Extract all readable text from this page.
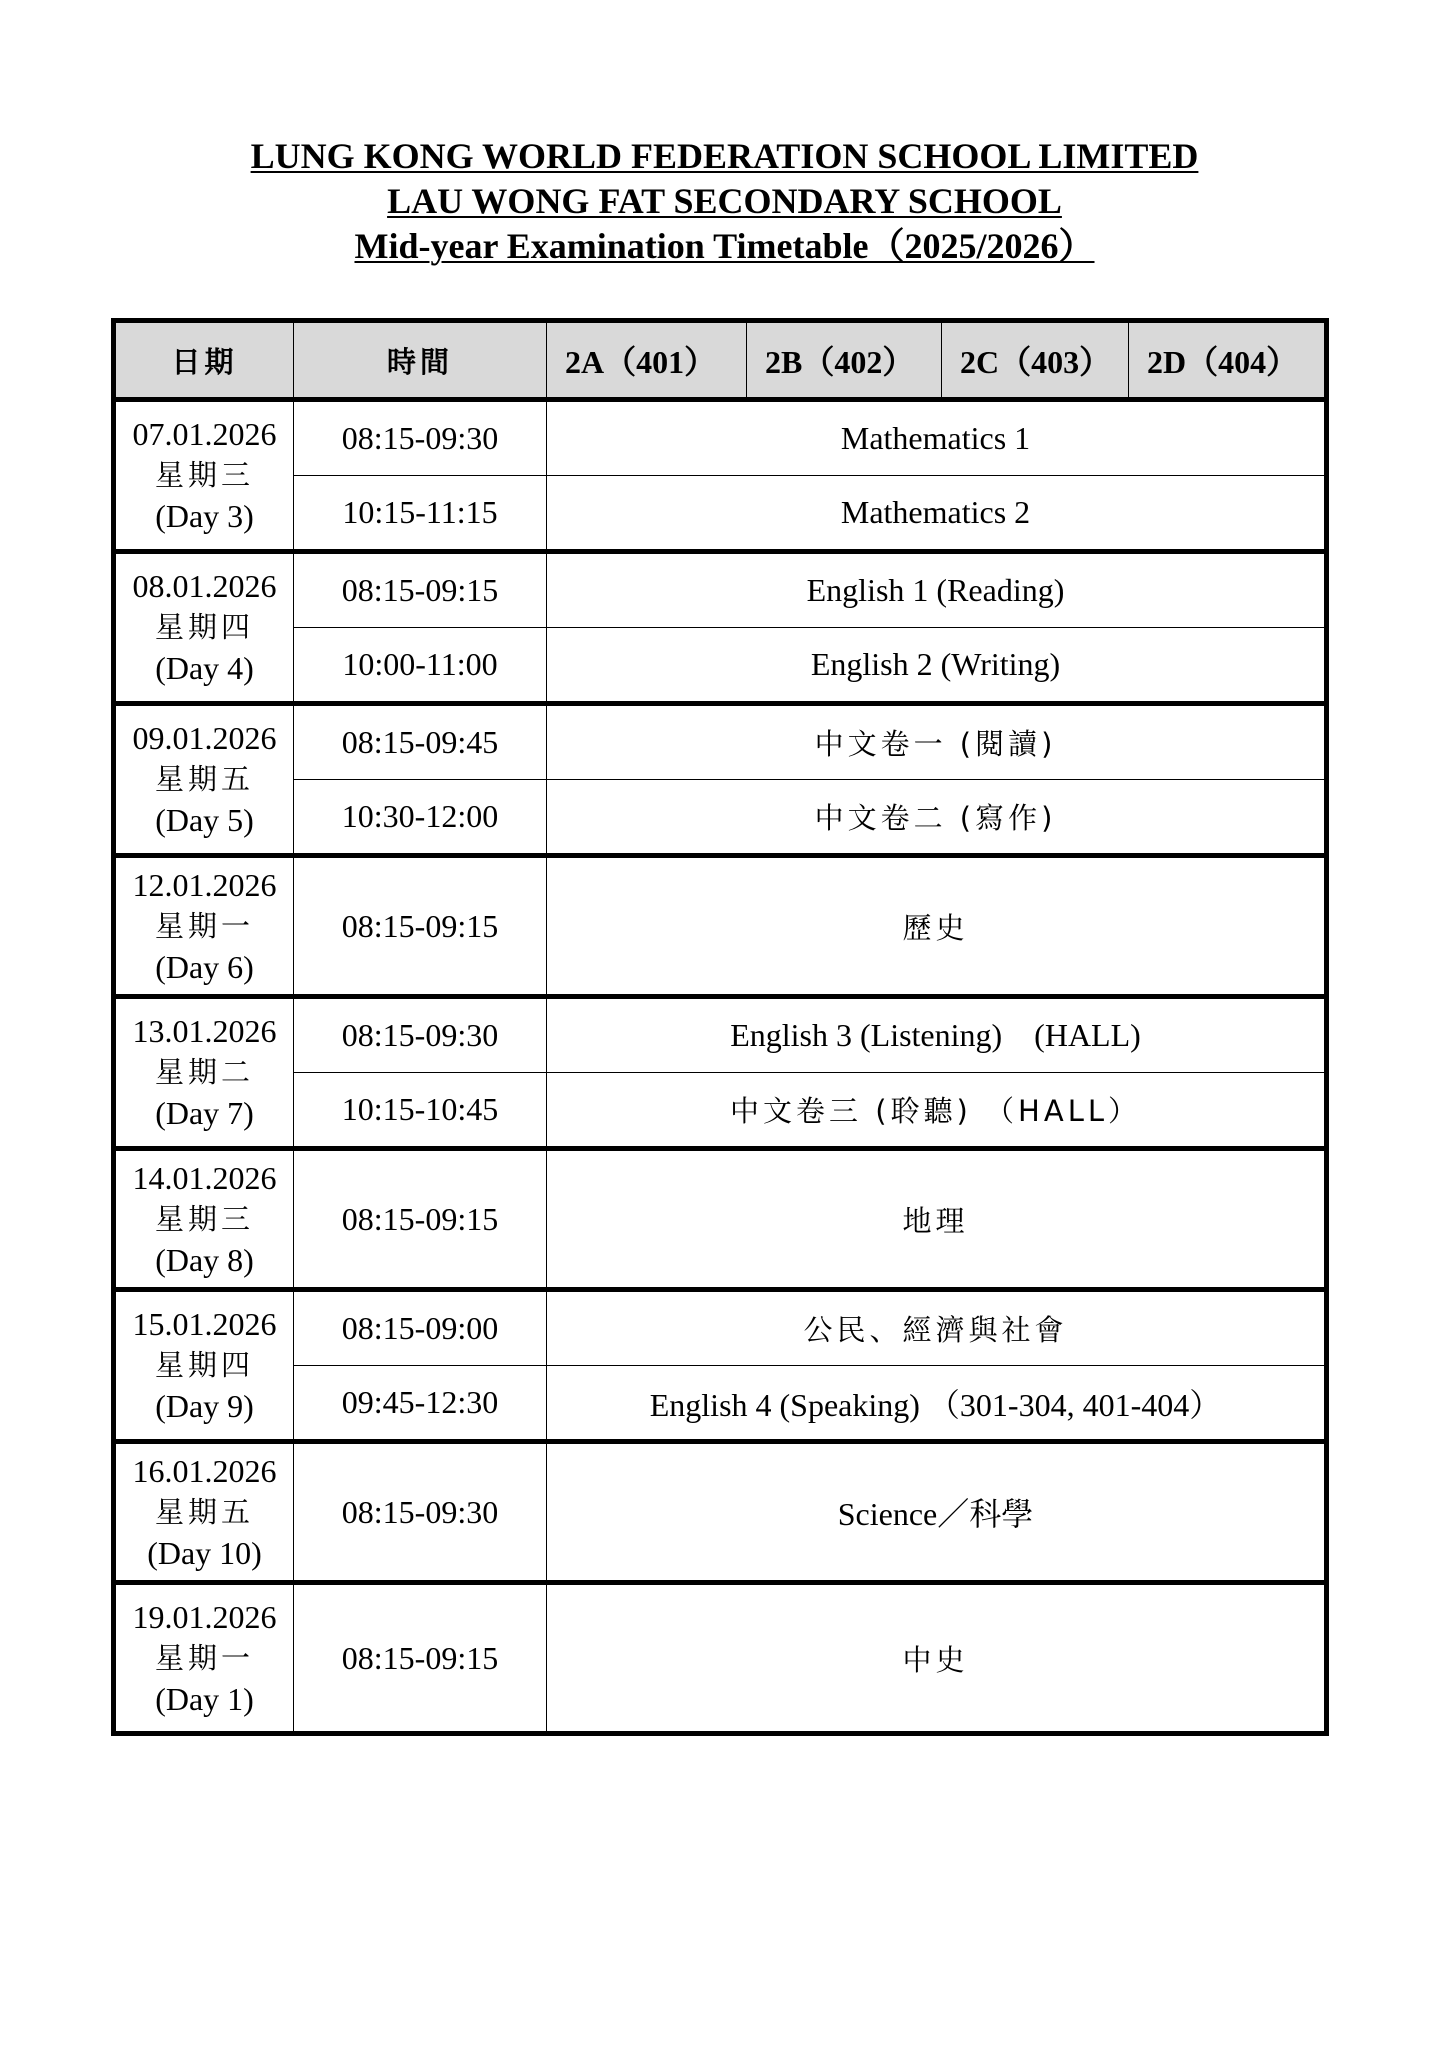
LUNG KONG WORLD FEDERATION SCHOOL LIMITED
LAU WONG FAT SECONDARY SCHOOL
Mid-year Examination Timetable（2025/2026）
日期	時間	2A（401）	2B（402）	2C（403）	2D（404）

07.01.2026
星期三
(Day 3)	08:15-09:30	Mathematics 1			
	10:15-11:15	Mathematics 2			

08.01.2026
星期四
(Day 4)	08:15-09:15	English 1 (Reading)			
	10:00-11:00	English 2 (Writing)			

09.01.2026
星期五
(Day 5)	08:15-09:45	中文卷一 (閱讀)			
	10:30-12:00	中文卷二 (寫作)			

12.01.2026
星期一
(Day 6)	08:15-09:15	歷史			

13.01.2026
星期二
(Day 7)	08:15-09:30	English 3 (Listening)    (HALL)			
	10:15-10:45	中文卷三 (聆聽) （HALL）			

14.01.2026
星期三
(Day 8)	08:15-09:15	地理			

15.01.2026
星期四
(Day 9)	08:15-09:00	公民、經濟與社會			
	09:45-12:30	English 4 (Speaking) （301-304, 401-404）			

16.01.2026
星期五
(Day 10)	08:15-09:30	Science／科學			

19.01.2026
星期一
(Day 1)	08:15-09:15	中史			
